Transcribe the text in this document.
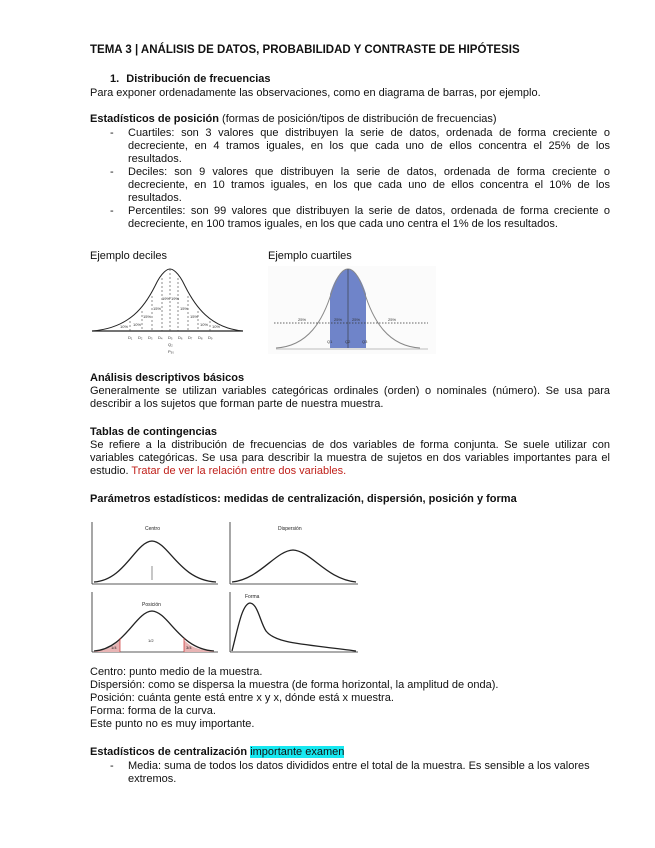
TEMA 3 | ANÁLISIS DE DATOS, PROBABILIDAD Y CONTRASTE DE HIPÓTESIS
1. Distribución de frecuencias
Para exponer ordenadamente las observaciones, como en diagrama de barras, por ejemplo.
Estadísticos de posición (formas de posición/tipos de distribución de frecuencias)
- Cuartiles: son 3 valores que distribuyen la serie de datos, ordenada de forma creciente o decreciente, en 4 tramos iguales, en los que cada uno de ellos concentra el 25% de los resultados.
- Deciles: son 9 valores que distribuyen la serie de datos, ordenada de forma creciente o decreciente, en 10 tramos iguales, en los que cada uno de ellos concentra el 10% de los resultados.
- Percentiles: son 99 valores que distribuyen la serie de datos, ordenada de forma creciente o decreciente, en 100 tramos iguales, en los que cada uno centra el 1% de los resultados.
Ejemplo deciles	Ejemplo cuartiles
10% 10%
15%
15%
19% 19%
15%
15%
10% 10%
D₁ D₂ D₃ D₄ D₅ D₆ D₇ D₈ D₉
Q₂
P₅₀
25%	25% 25%	25%
Q1	Q2	Q3
Análisis descriptivos básicos
Generalmente se utilizan variables categóricas ordinales (orden) o nominales (número). Se usa para describir a los sujetos que forman parte de nuestra muestra.
Tablas de contingencias
Se refiere a la distribución de frecuencias de dos variables de forma conjunta. Se suele utilizar con variables categóricas. Se usa para describir la muestra de sujetos en dos variables importantes para el estudio. Tratar de ver la relación entre dos variables.
Parámetros estadísticos: medidas de centralización, dispersión, posición y forma
Centro	Dispersión
Posición
1/4
1/2
3/4
Forma
Centro: punto medio de la muestra.
Dispersión: como se dispersa la muestra (de forma horizontal, la amplitud de onda).
Posición: cuánta gente está entre x y x, dónde está x muestra.
Forma: forma de la curva.
Este punto no es muy importante.
Estadísticos de centralización importante examen
- Media: suma de todos los datos divididos entre el total de la muestra. Es sensible a los valores extremos.
